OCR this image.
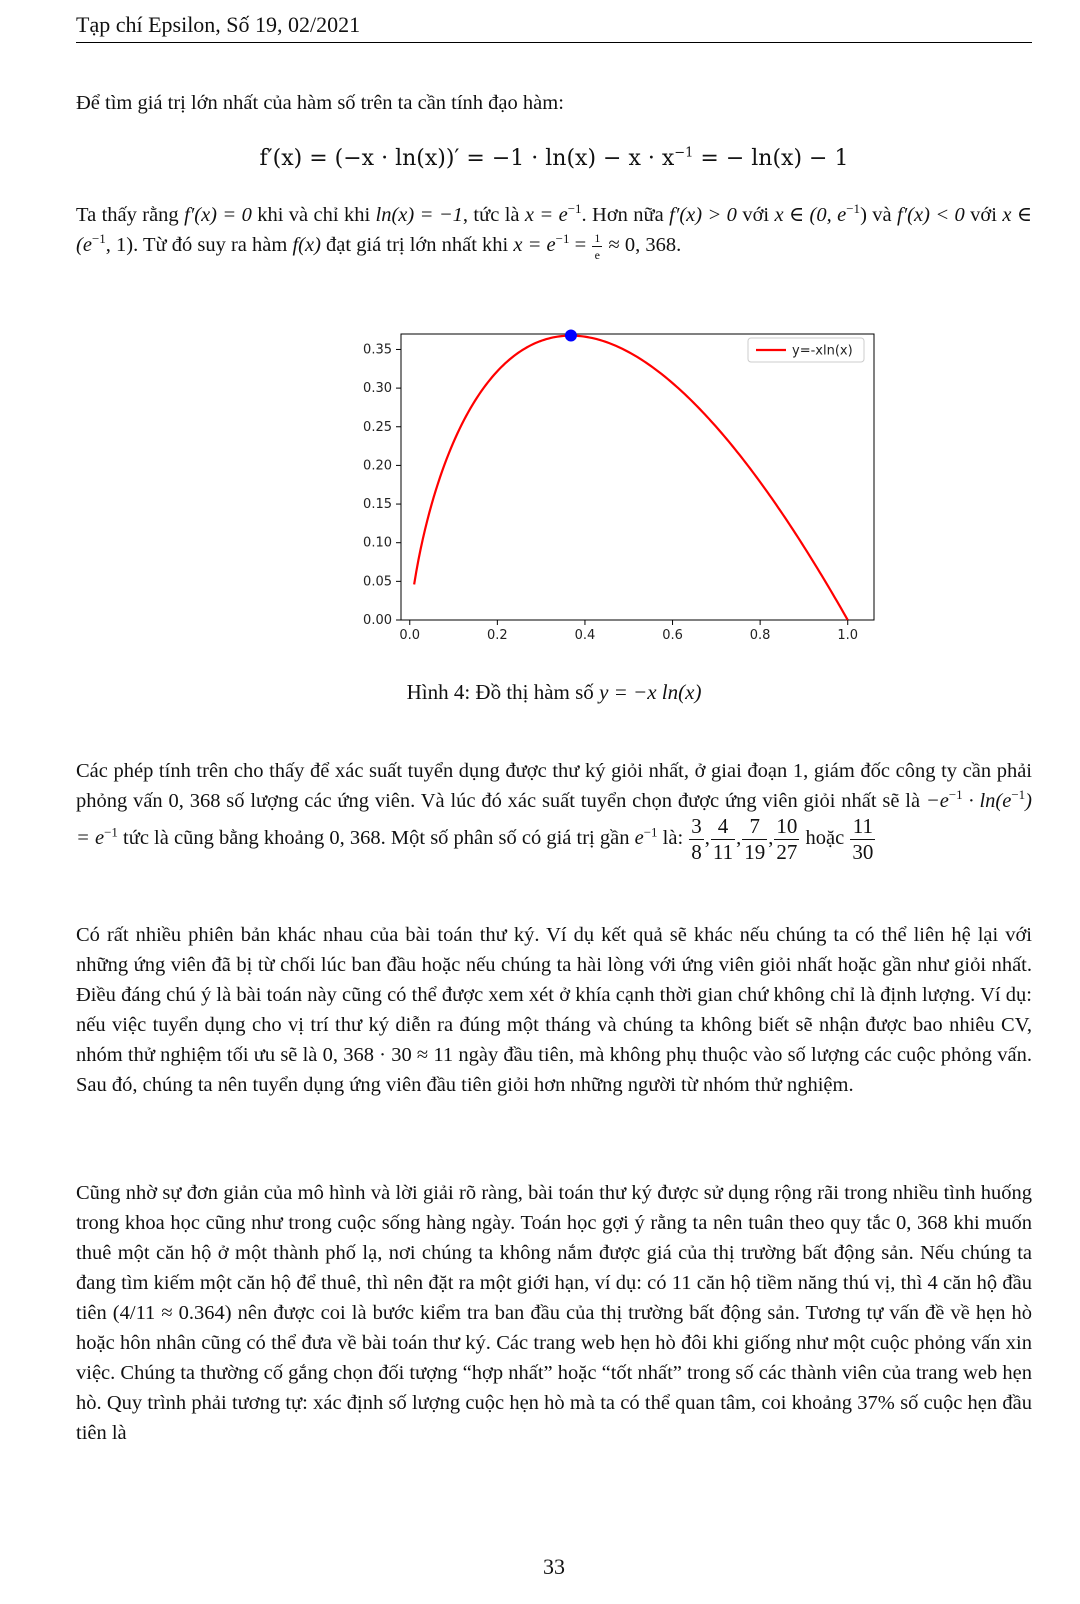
Tạp chí Epsilon, Số 19, 02/2021

Để tìm giá trị lớn nhất của hàm số trên ta cần tính đạo hàm:

$f'(x) = (-x \cdot \ln(x))' = -1 \cdot \ln(x) - x \cdot x^{-1}$ = − ln(x) − 1

Ta thấy rằng f′(x) = 0 khi và chỉ khi ln(x) = −1, tức là $x = e^{-1}$. Hơn nữa f′(x) > 0 với x ∈ (0, $e^{-1}$) và f′(x) < 0 với x ∈ ($e^{-1}$, 1). Từ đó suy ra hàm f(x) đạt giá trị lớn nhất khi $x = e^{-1} = \frac{1}{e} \approx 0$, 368.

0.00
0.05
0.10
0.15
0.20
0.25
0.30
0.35
0.0	0.2	0.4	0.6	0.8	1.0
y=-xln(x)
Hình 4: Đồ thị hàm số y = −x ln(x)

Các phép tính trên cho thấy để xác suất tuyển dụng được thư ký giỏi nhất, ở giai đoạn 1, giám đốc công ty cần phải phỏng vấn 0, 368 số lượng các ứng viên. Và lúc đó xác suất tuyển chọn được ứng viên giỏi nhất sẽ là $-e^{-1} \cdot \ln(e^{-1}) = e^{-1}$ tức là cũng bằng khoảng 0, 368. Một số phân số có giá trị gần $e^{-1}$ là: $\frac{3}{8}$ , $\frac{4}{11}$ , $\frac{7}{19}$ , $\frac{10}{27}$ hoặc $\frac{11}{30}$

Có rất nhiều phiên bản khác nhau của bài toán thư ký. Ví dụ kết quả sẽ khác nếu chúng ta có thể liên hệ lại với những ứng viên đã bị từ chối lúc ban đầu hoặc nếu chúng ta hài lòng với ứng viên giỏi nhất hoặc gần như giỏi nhất. Điều đáng chú ý là bài toán này cũng có thể được xem xét ở khía cạnh thời gian chứ không chỉ là định lượng. Ví dụ: nếu việc tuyển dụng cho vị trí thư ký diễn ra đúng một tháng và chúng ta không biết sẽ nhận được bao nhiêu CV, nhóm thử nghiệm tối ưu sẽ là 0, 368 · 30 ≈ 11 ngày đầu tiên, mà không phụ thuộc vào số lượng các cuộc phỏng vấn. Sau đó, chúng ta nên tuyển dụng ứng viên đầu tiên giỏi hơn những người từ nhóm thử nghiệm.

Cũng nhờ sự đơn giản của mô hình và lời giải rõ ràng, bài toán thư ký được sử dụng rộng rãi trong nhiều tình huống trong khoa học cũng như trong cuộc sống hàng ngày. Toán học gợi ý rằng ta nên tuân theo quy tắc 0, 368 khi muốn thuê một căn hộ ở một thành phố lạ, nơi chúng ta không nắm được giá của thị trường bất động sản. Nếu chúng ta đang tìm kiếm một căn hộ để thuê, thì nên đặt ra một giới hạn, ví dụ: có 11 căn hộ tiềm năng thú vị, thì 4 căn hộ đầu tiên (4/11 ≈ 0.364) nên được coi là bước kiểm tra ban đầu của thị trường bất động sản. Tương tự vấn đề về hẹn hò hoặc hôn nhân cũng có thể đưa về bài toán thư ký. Các trang web hẹn hò đôi khi giống như một cuộc phỏng vấn xin việc. Chúng ta thường cố gắng chọn đối tượng “hợp nhất” hoặc “tốt nhất” trong số các thành viên của trang web hẹn hò. Quy trình phải tương tự: xác định số lượng cuộc hẹn hò mà ta có thể quan tâm, coi khoảng 37% số cuộc hẹn đầu tiên là

33
